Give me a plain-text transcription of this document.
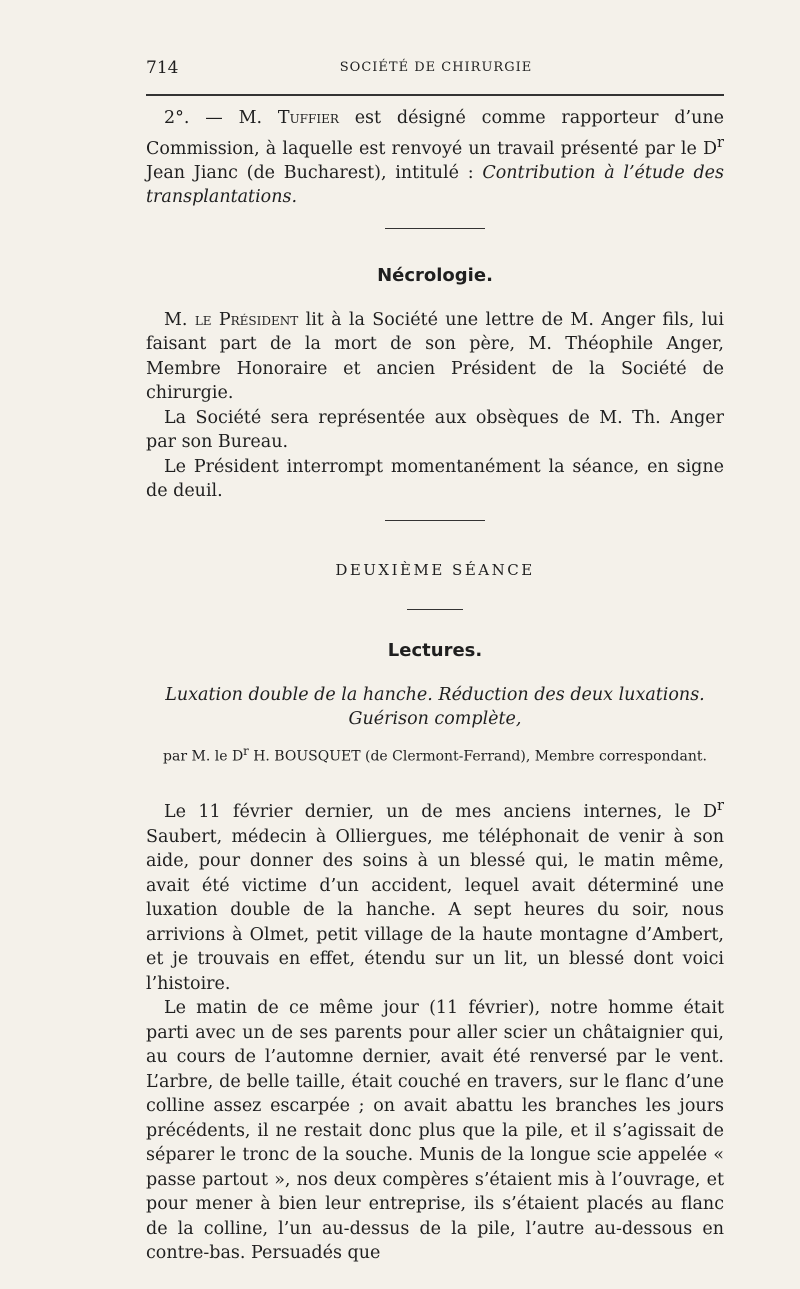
714	SOCIÉTÉ DE CHIRURGIE

2°. — M. Tuffier est désigné comme rapporteur d’une Commission, à laquelle est renvoyé un travail présenté par le $D^r$ Jean Jianc (de Bucharest), intitulé : Contribution à l’étude des transplantations.

Nécrologie.

M. le Président lit à la Société une lettre de M. Anger fils, lui faisant part de la mort de son père, M. Théophile Anger, Membre Honoraire et ancien Président de la Société de chirurgie.

La Société sera représentée aux obsèques de M. Th. Anger par son Bureau.

Le Président interrompt momentanément la séance, en signe de deuil.

DEUXIÈME SÉANCE
Lectures.
Luxation double de la hanche. Réduction des deux luxations.
Guérison complète,
par M. le $D^r$ H. BOUSQUET (de Clermont-Ferrand), Membre correspondant.

Le 11 février dernier, un de mes anciens internes, le $D^r$ Saubert, médecin à Olliergues, me téléphonait de venir à son aide, pour donner des soins à un blessé qui, le matin même, avait été victime d’un accident, lequel avait déterminé une luxation double de la hanche. A sept heures du soir, nous arrivions à Olmet, petit village de la haute montagne d’Ambert, et je trouvais en effet, étendu sur un lit, un blessé dont voici l’histoire.

Le matin de ce même jour (11 février), notre homme était parti avec un de ses parents pour aller scier un châtaignier qui, au cours de l’automne dernier, avait été renversé par le vent. L’arbre, de belle taille, était couché en travers, sur le flanc d’une colline assez escarpée ; on avait abattu les branches les jours précédents, il ne restait donc plus que la pile, et il s’agissait de séparer le tronc de la souche. Munis de la longue scie appelée « passe partout », nos deux compères s’étaient mis à l’ouvrage, et pour mener à bien leur entreprise, ils s’étaient placés au flanc de la colline, l’un au-dessus de la pile, l’autre au-dessous en contre-bas. Persuadés que
